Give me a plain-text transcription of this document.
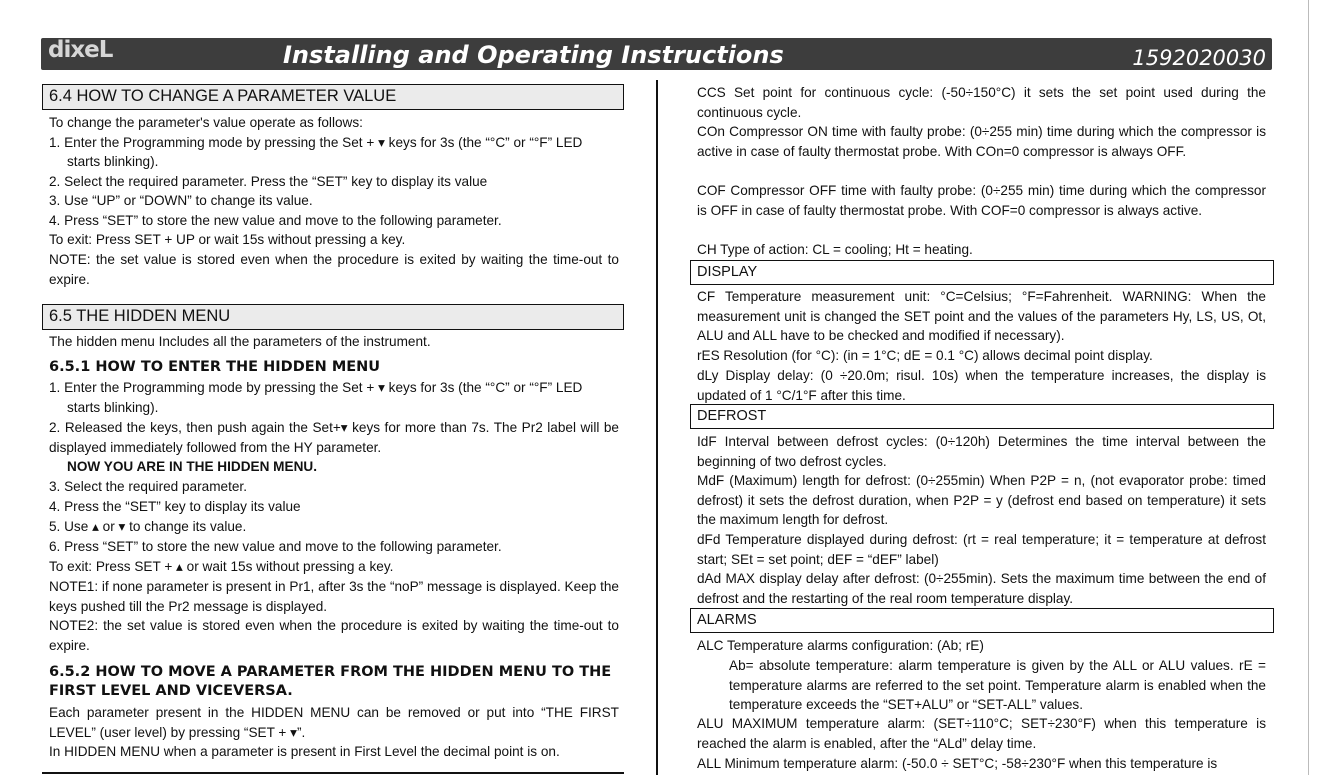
dixeL	Installing and Operating Instructions	1592020030
6.4 HOW TO CHANGE A PARAMETER VALUE
To change the parameter's value operate as follows:
1. Enter the Programming mode by pressing the Set + ▾ keys for 3s (the “°C” or “°F” LED
starts blinking).
2. Select the required parameter. Press the “SET” key to display its value
3. Use “UP” or “DOWN” to change its value.
4. Press “SET” to store the new value and move to the following parameter.
To exit: Press SET + UP or wait 15s without pressing a key.
NOTE: the set value is stored even when the procedure is exited by waiting the time-out to expire.
6.5 THE HIDDEN MENU
The hidden menu Includes all the parameters of the instrument.
6.5.1 HOW TO ENTER THE HIDDEN MENU
1. Enter the Programming mode by pressing the Set + ▾ keys for 3s (the “°C” or “°F” LED
starts blinking).
2. Released the keys, then push again the Set+▾ keys for more than 7s. The Pr2 label will be displayed immediately followed from the HY parameter.
NOW YOU ARE IN THE HIDDEN MENU.
3. Select the required parameter.
4. Press the “SET” key to display its value
5. Use ▴ or ▾ to change its value.
6. Press “SET” to store the new value and move to the following parameter.
To exit: Press SET + ▴ or wait 15s without pressing a key.
NOTE1: if none parameter is present in Pr1, after 3s the “noP” message is displayed. Keep the keys pushed till the Pr2 message is displayed.
NOTE2: the set value is stored even when the procedure is exited by waiting the time-out to expire.
6.5.2 HOW TO MOVE A PARAMETER FROM THE HIDDEN MENU TO THE FIRST LEVEL AND VICEVERSA.
Each parameter present in the HIDDEN MENU can be removed or put into “THE FIRST LEVEL” (user level) by pressing “SET + ▾”.
In HIDDEN MENU when a parameter is present in First Level the decimal point is on.
CCS Set point for continuous cycle: (-50÷150°C) it sets the set point used during the continuous cycle.
COn Compressor ON time with faulty probe: (0÷255 min) time during which the compressor is active in case of faulty thermostat probe. With COn=0 compressor is always OFF.
COF Compressor OFF time with faulty probe: (0÷255 min) time during which the compressor is OFF in case of faulty thermostat probe. With COF=0 compressor is always active.
CH Type of action: CL = cooling; Ht = heating.
DISPLAY
CF Temperature measurement unit: °C=Celsius; °F=Fahrenheit. WARNING: When the measurement unit is changed the SET point and the values of the parameters Hy, LS, US, Ot, ALU and ALL have to be checked and modified if necessary).
rES Resolution (for °C): (in = 1°C; dE = 0.1 °C) allows decimal point display.
dLy Display delay: (0 ÷20.0m; risul. 10s) when the temperature increases, the display is updated of 1 °C/1°F after this time.
DEFROST
IdF Interval between defrost cycles: (0÷120h) Determines the time interval between the beginning of two defrost cycles.
MdF (Maximum) length for defrost: (0÷255min) When P2P = n, (not evaporator probe: timed defrost) it sets the defrost duration, when P2P = y (defrost end based on temperature) it sets the maximum length for defrost.
dFd Temperature displayed during defrost: (rt = real temperature; it = temperature at defrost start; SEt = set point; dEF = “dEF” label)
dAd MAX display delay after defrost: (0÷255min). Sets the maximum time between the end of defrost and the restarting of the real room temperature display.
ALARMS
ALC Temperature alarms configuration: (Ab; rE)
Ab= absolute temperature: alarm temperature is given by the ALL or ALU values. rE = temperature alarms are referred to the set point. Temperature alarm is enabled when the temperature exceeds the “SET+ALU” or “SET-ALL” values.
ALU MAXIMUM temperature alarm: (SET÷110°C; SET÷230°F) when this temperature is reached the alarm is enabled, after the “ALd” delay time.
ALL Minimum temperature alarm: (-50.0 ÷ SET°C; -58÷230°F when this temperature is
